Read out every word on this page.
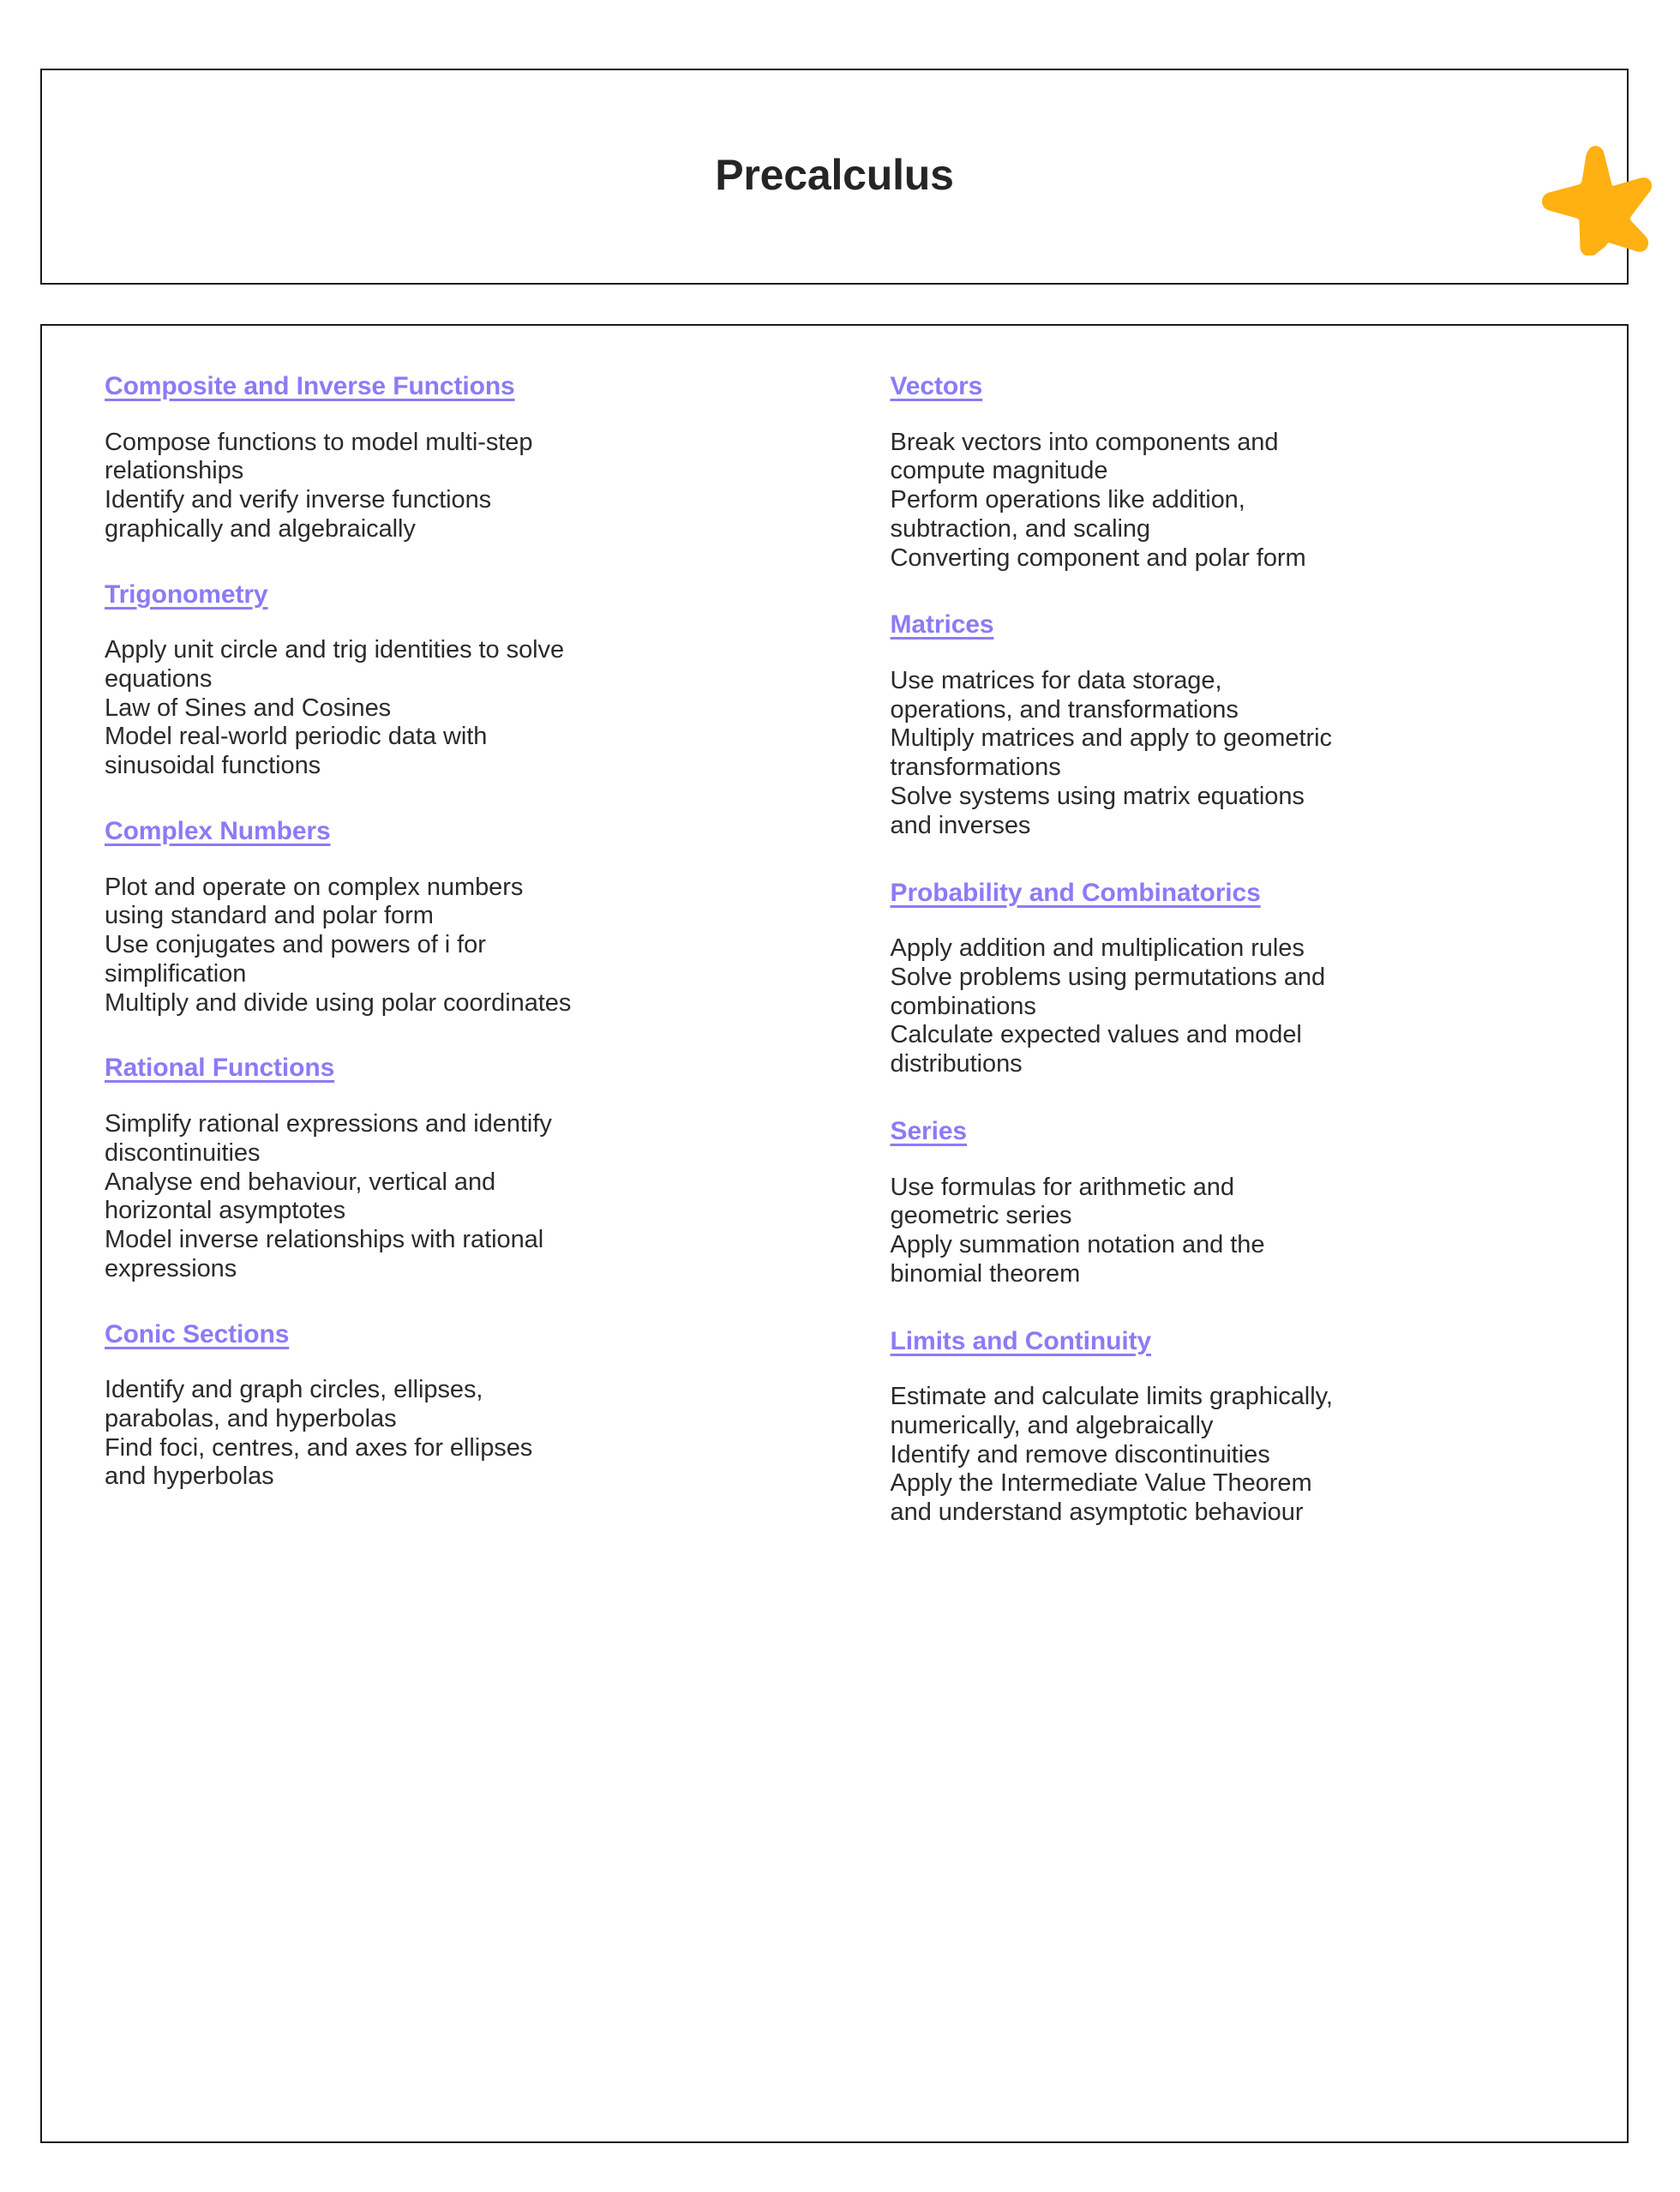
Precalculus
Composite and Inverse Functions
Compose functions to model multi-step
relationships
Identify and verify inverse functions
graphically and algebraically
Trigonometry
Apply unit circle and trig identities to solve
equations
Law of Sines and Cosines
Model real-world periodic data with
sinusoidal functions
Complex Numbers
Plot and operate on complex numbers
using standard and polar form
Use conjugates and powers of i for
simplification
Multiply and divide using polar coordinates
Rational Functions
Simplify rational expressions and identify
discontinuities
Analyse end behaviour, vertical and
horizontal asymptotes
Model inverse relationships with rational
expressions
Conic Sections
Identify and graph circles, ellipses,
parabolas, and hyperbolas
Find foci, centres, and axes for ellipses
and hyperbolas
Vectors
Break vectors into components and
compute magnitude
Perform operations like addition,
subtraction, and scaling
Converting component and polar form
Matrices
Use matrices for data storage,
operations, and transformations
Multiply matrices and apply to geometric
transformations
Solve systems using matrix equations
and inverses
Probability and Combinatorics
Apply addition and multiplication rules
Solve problems using permutations and
combinations
Calculate expected values and model
distributions
Series
Use formulas for arithmetic and
geometric series
Apply summation notation and the
binomial theorem
Limits and Continuity
Estimate and calculate limits graphically,
numerically, and algebraically
Identify and remove discontinuities
Apply the Intermediate Value Theorem
and understand asymptotic behaviour
